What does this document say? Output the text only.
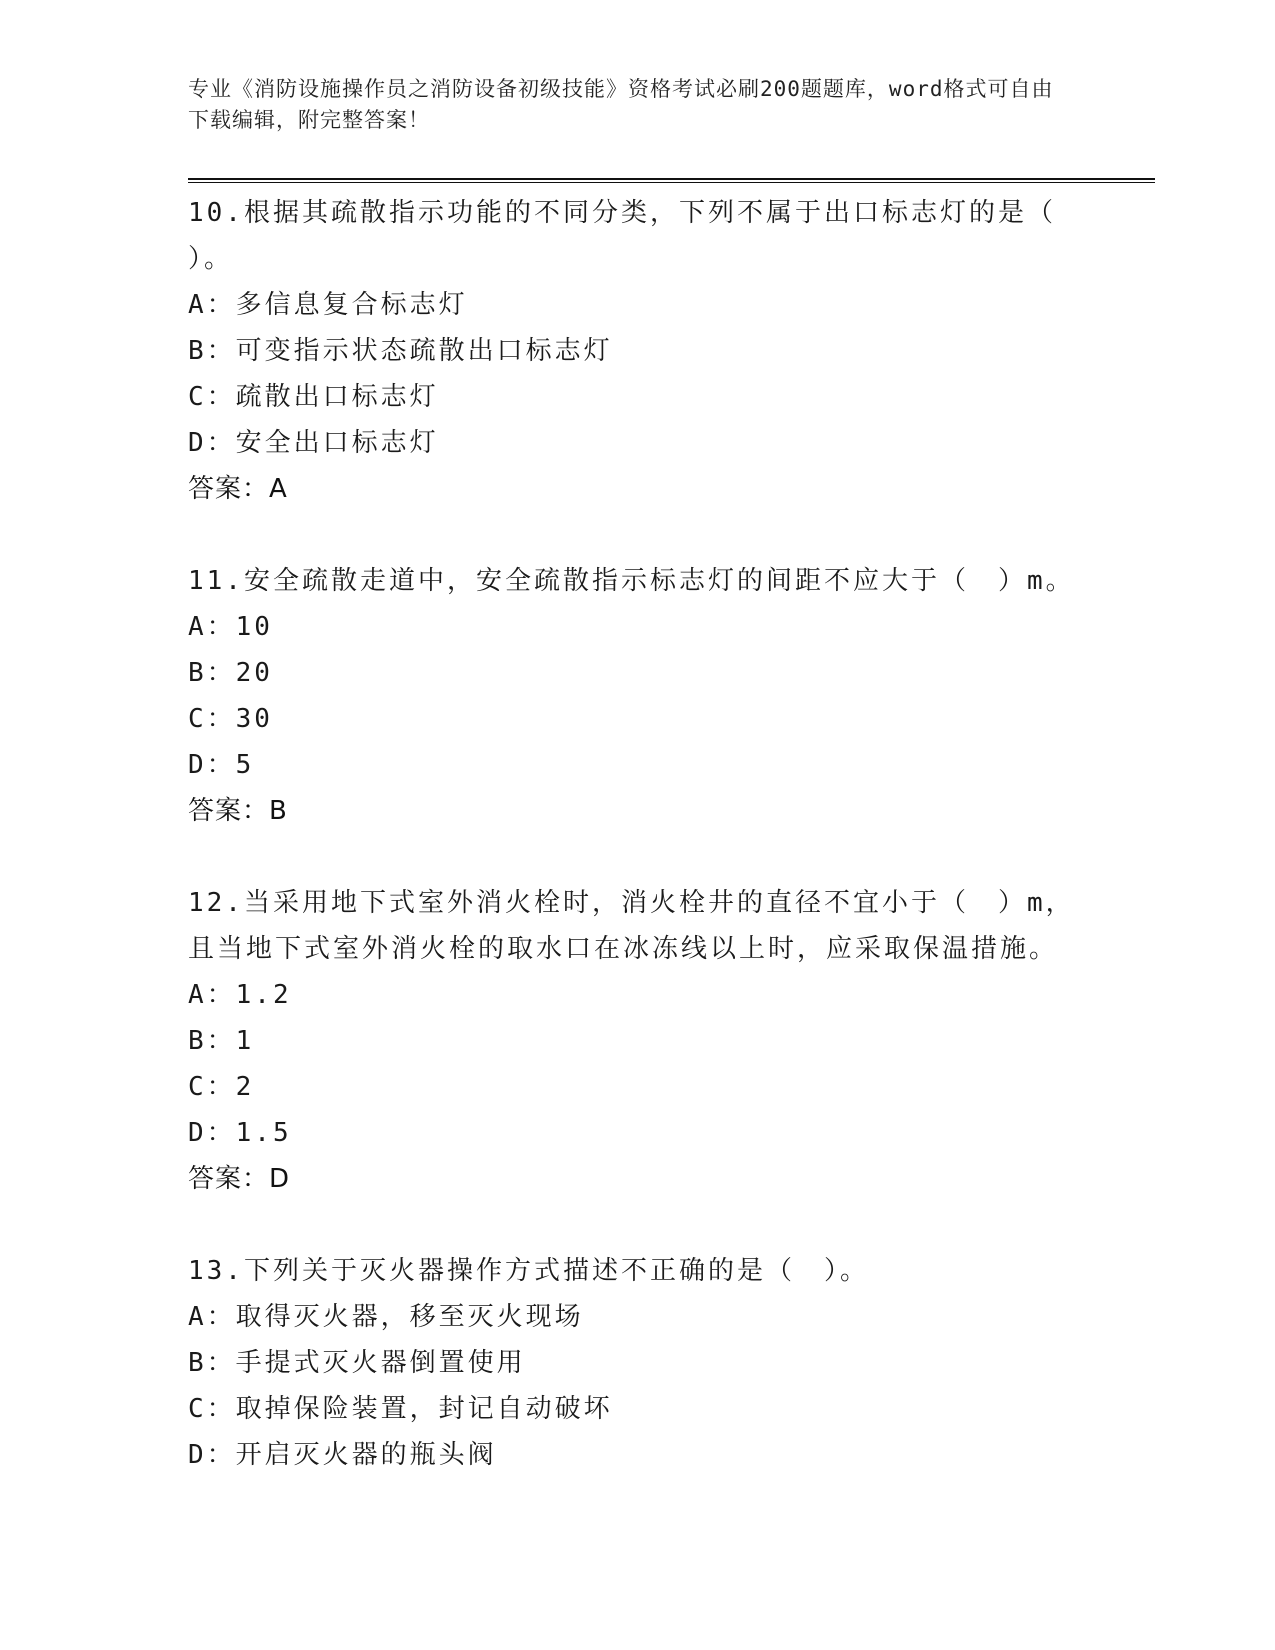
专业《消防设施操作员之消防设备初级技能》资格考试必刷200题题库，word格式可自由下载编辑，附完整答案！
10.根据其疏散指示功能的不同分类，下列不属于出口标志灯的是（
）。
A：多信息复合标志灯
B：可变指示状态疏散出口标志灯
C：疏散出口标志灯
D：安全出口标志灯
答案：A
11.安全疏散走道中，安全疏散指示标志灯的间距不应大于（　）m。
A：10
B：20
C：30
D：5
答案：B
12.当采用地下式室外消火栓时，消火栓井的直径不宜小于（　）m，
且当地下式室外消火栓的取水口在冰冻线以上时，应采取保温措施。
A：1.2
B：1
C：2
D：1.5
答案：D
13.下列关于灭火器操作方式描述不正确的是（　）。
A：取得灭火器，移至灭火现场
B：手提式灭火器倒置使用
C：取掉保险装置，封记自动破坏
D：开启灭火器的瓶头阀
